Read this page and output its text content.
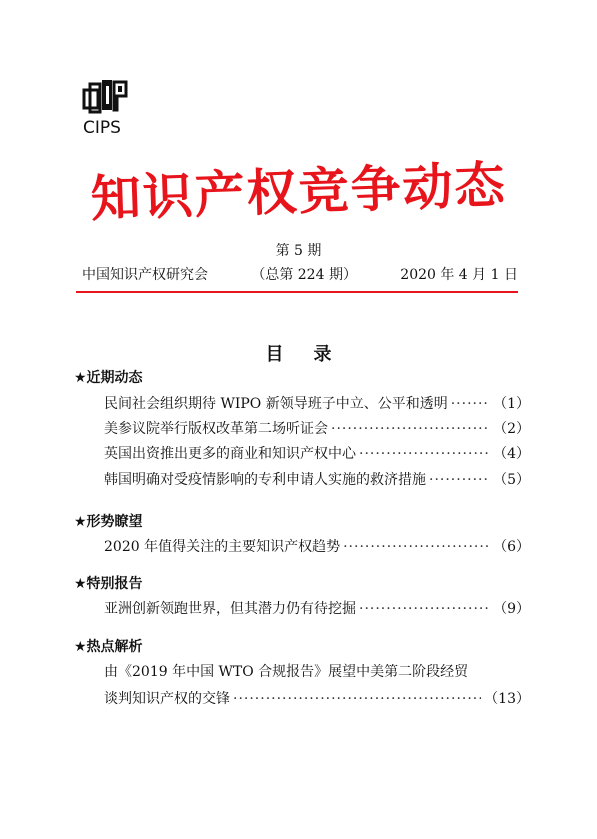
CIPS
知识产权竞争动态
第 5 期
中国知识产权研究会	（总第 224 期）	2020 年 4 月 1 日
目录
★近期动态
民间社会组织期待 WIPO 新领导班子中立、公平和透明 ·····	（1）
美参议院举行版权改革第二场听证会 ·····	（2）
英国出资推出更多的商业和知识产权中心 ·····	（4）
韩国明确对受疫情影响的专利申请人实施的救济措施 ·····	（5）
★形势瞭望
2020 年值得关注的主要知识产权趋势 ·····	（6）
★特别报告
亚洲创新领跑世界，但其潜力仍有待挖掘 ·····	（9）
★热点解析
由《2019 年中国 WTO 合规报告》展望中美第二阶段经贸
谈判知识产权的交锋 ·····	（13）
